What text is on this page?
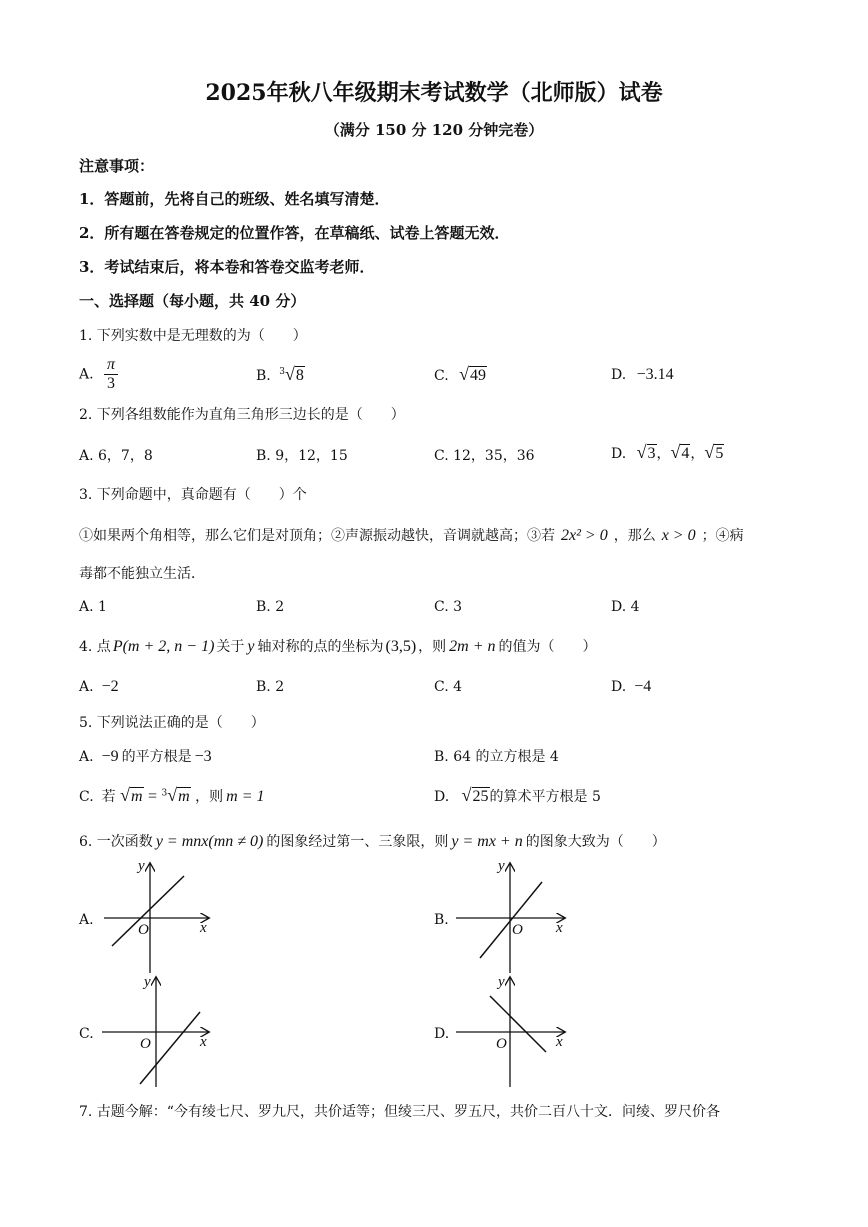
2025年秋八年级期末考试数学（北师版）试卷
（满分 150 分 120 分钟完卷）
注意事项：
1．答题前，先将自己的班级、姓名填写清楚．
2．所有题在答卷规定的位置作答，在草稿纸、试卷上答题无效．
3．考试结束后，将本卷和答卷交监考老师．
一、选择题（每小题，共 40 分）
1. 下列实数中是无理数的为（　　）
A. $\frac{\pi}{3}$	B. $^3$√8	C. √49	D. −3.14
2. 下列各组数能作为直角三角形三边长的是（　　）
A. 6，7，8	B. 9，12，15	C. 12，35，36	D. √3，√4，√5
3. 下列命题中，真命题有（　　）个
①如果两个角相等，那么它们是对顶角；②声源振动越快，音调就越高；③若 2x² > 0 ，那么 x > 0 ；④病
毒都不能独立生活．
A. 1	B. 2	C. 3	D. 4
4. 点 P(m + 2, n − 1) 关于 y 轴对称的点的坐标为 (3,5) ，则 2m + n 的值为（　　）
A. −2	B. 2	C. 4	D. −4
5. 下列说法正确的是（　　）
A. −9 的平方根是 −3	B. 64 的立方根是 4
C. 若 √m = $^3$√m ，则 m = 1	D. √25的算术平方根是 5
6. 一次函数 y = mnx(mn ≠ 0) 的图象经过第一、三象限，则 y = mx + n 的图象大致为（　　）
A.	B.
C.	D.
y
x
O
y
x
O
y
x
O
y
x
O
7. 古题今解：“今有绫七尺、罗九尺，共价适等；但绫三尺、罗五尺，共价二百八十文．问绫、罗尺价各
